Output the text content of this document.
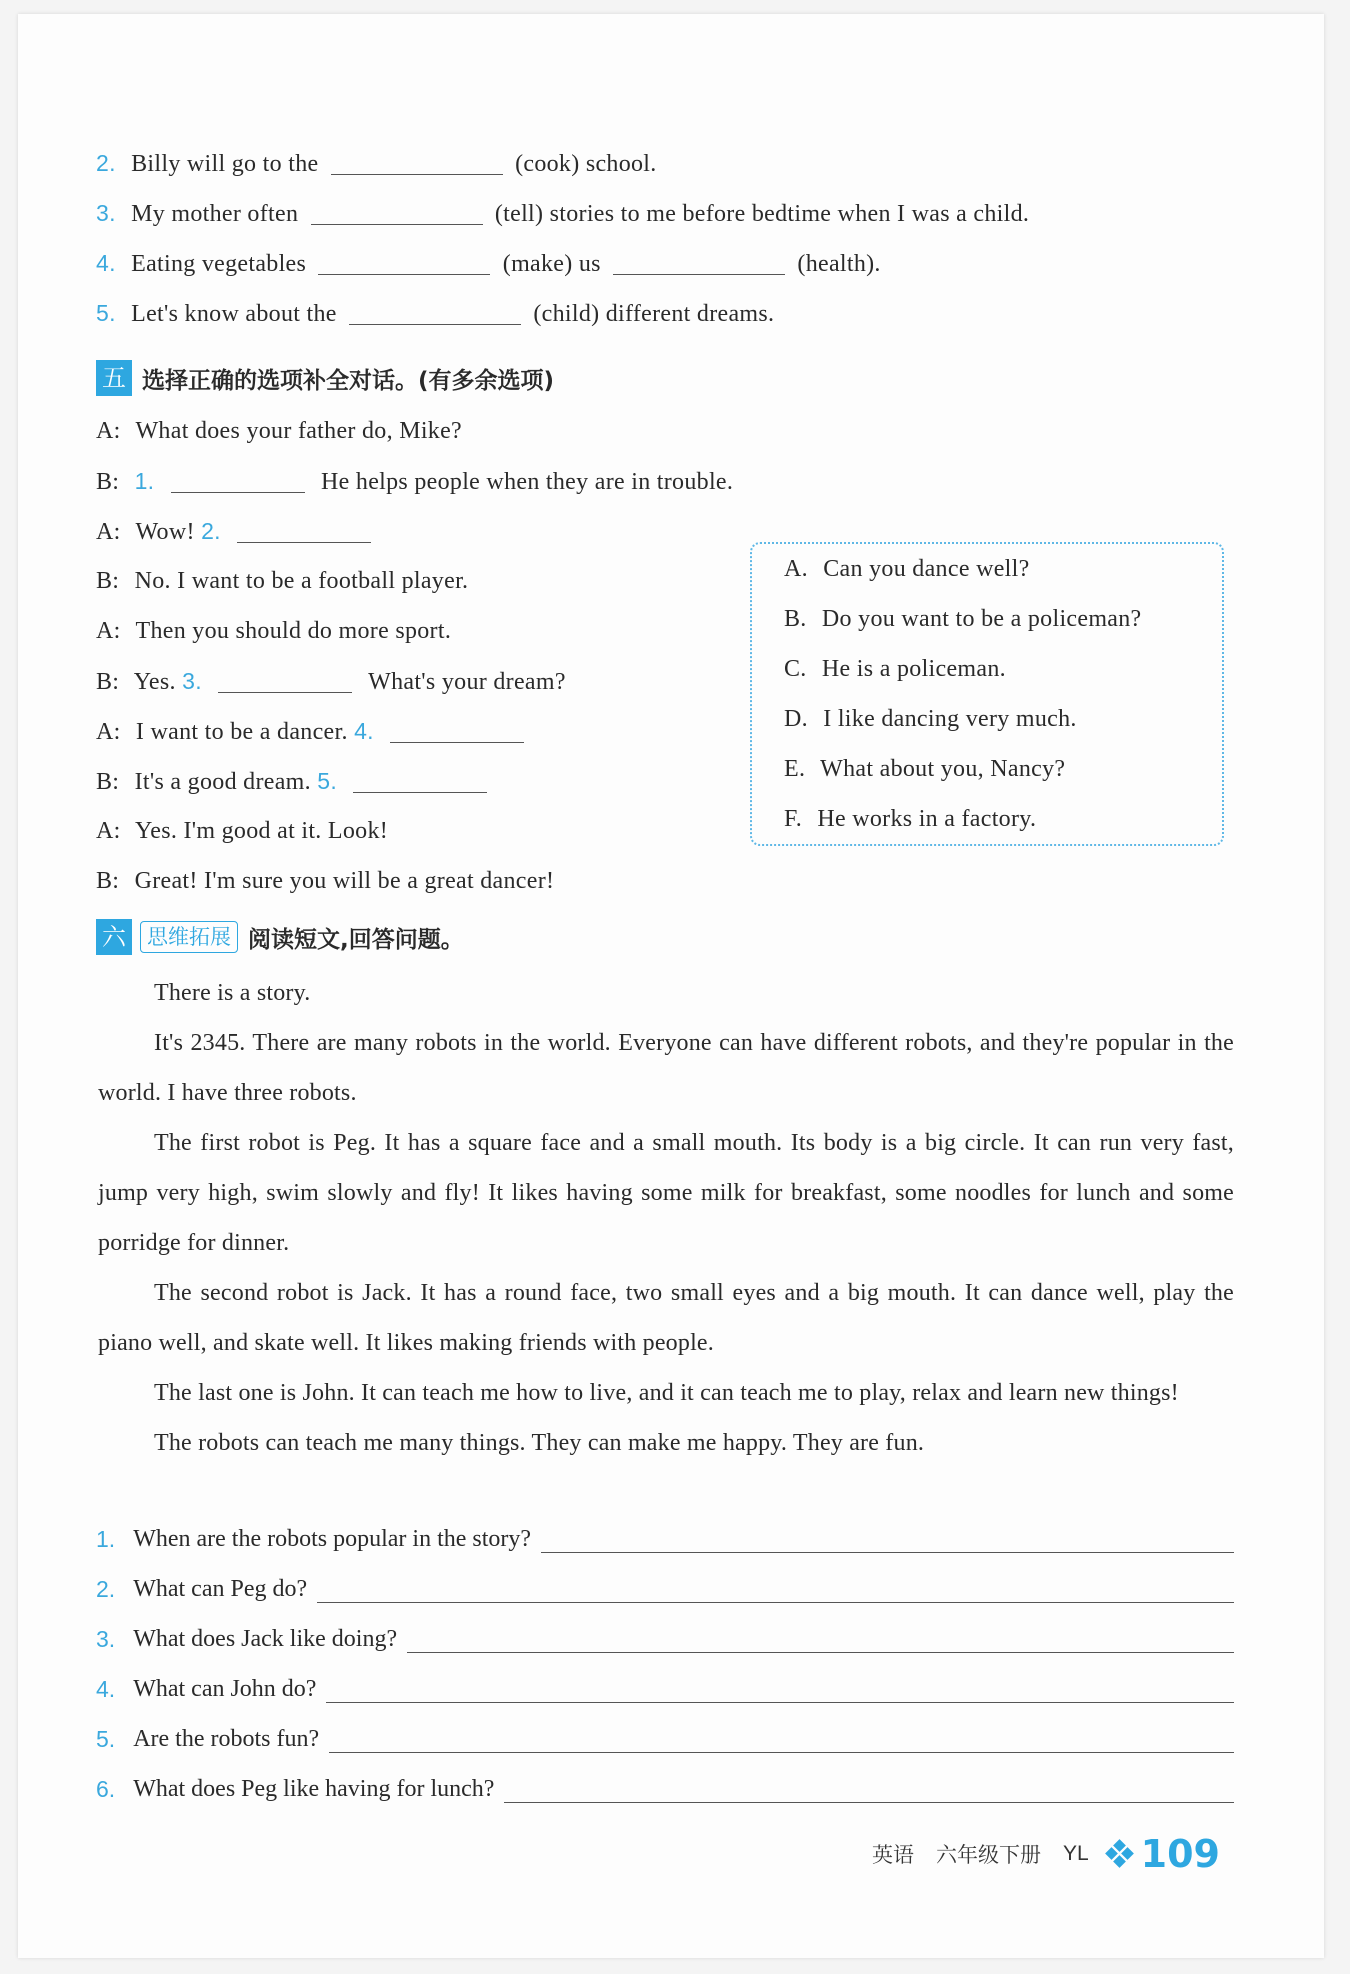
2. Billy will go to the	(cook) school.
3. My mother often	(tell) stories to me before bedtime when I was a child.
4. Eating vegetables	(make) us	(health).
5. Let's know about the	(child) different dreams.
五 选择正确的选项补全对话。(有多余选项)
A: What does your father do, Mike?
B: 1.	He helps people when they are in trouble.
A: Wow! 2.
B: No. I want to be a football player.
A: Then you should do more sport.
B: Yes. 3.	What's your dream?
A: I want to be a dancer. 4.
B: It's a good dream. 5.
A: Yes. I'm good at it. Look!
B: Great! I'm sure you will be a great dancer!
A. Can you dance well?
B. Do you want to be a policeman?
C. He is a policeman.
D. I like dancing very much.
E. What about you, Nancy?
F. He works in a factory.
六	思维拓展 阅读短文,回答问题。

There is a story.

It's 2345. There are many robots in the world. Everyone can have different robots, and they're popular in the world. I have three robots.

The first robot is Peg. It has a square face and a small mouth. Its body is a big circle. It can run very fast, jump very high, swim slowly and fly! It likes having some milk for breakfast, some noodles for lunch and some porridge for dinner.

The second robot is Jack. It has a round face, two small eyes and a big mouth. It can dance well, play the piano well, and skate well. It likes making friends with people.

The last one is John. It can teach me how to live, and it can teach me to play, relax and learn new things!

The robots can teach me many things. They can make me happy. They are fun.

1. When are the robots popular in the story?
2. What can Peg do?
3. What does Jack like doing?
4. What can John do?
5. Are the robots fun?
6. What does Peg like having for lunch?
英语 六年级下册 YL 109
